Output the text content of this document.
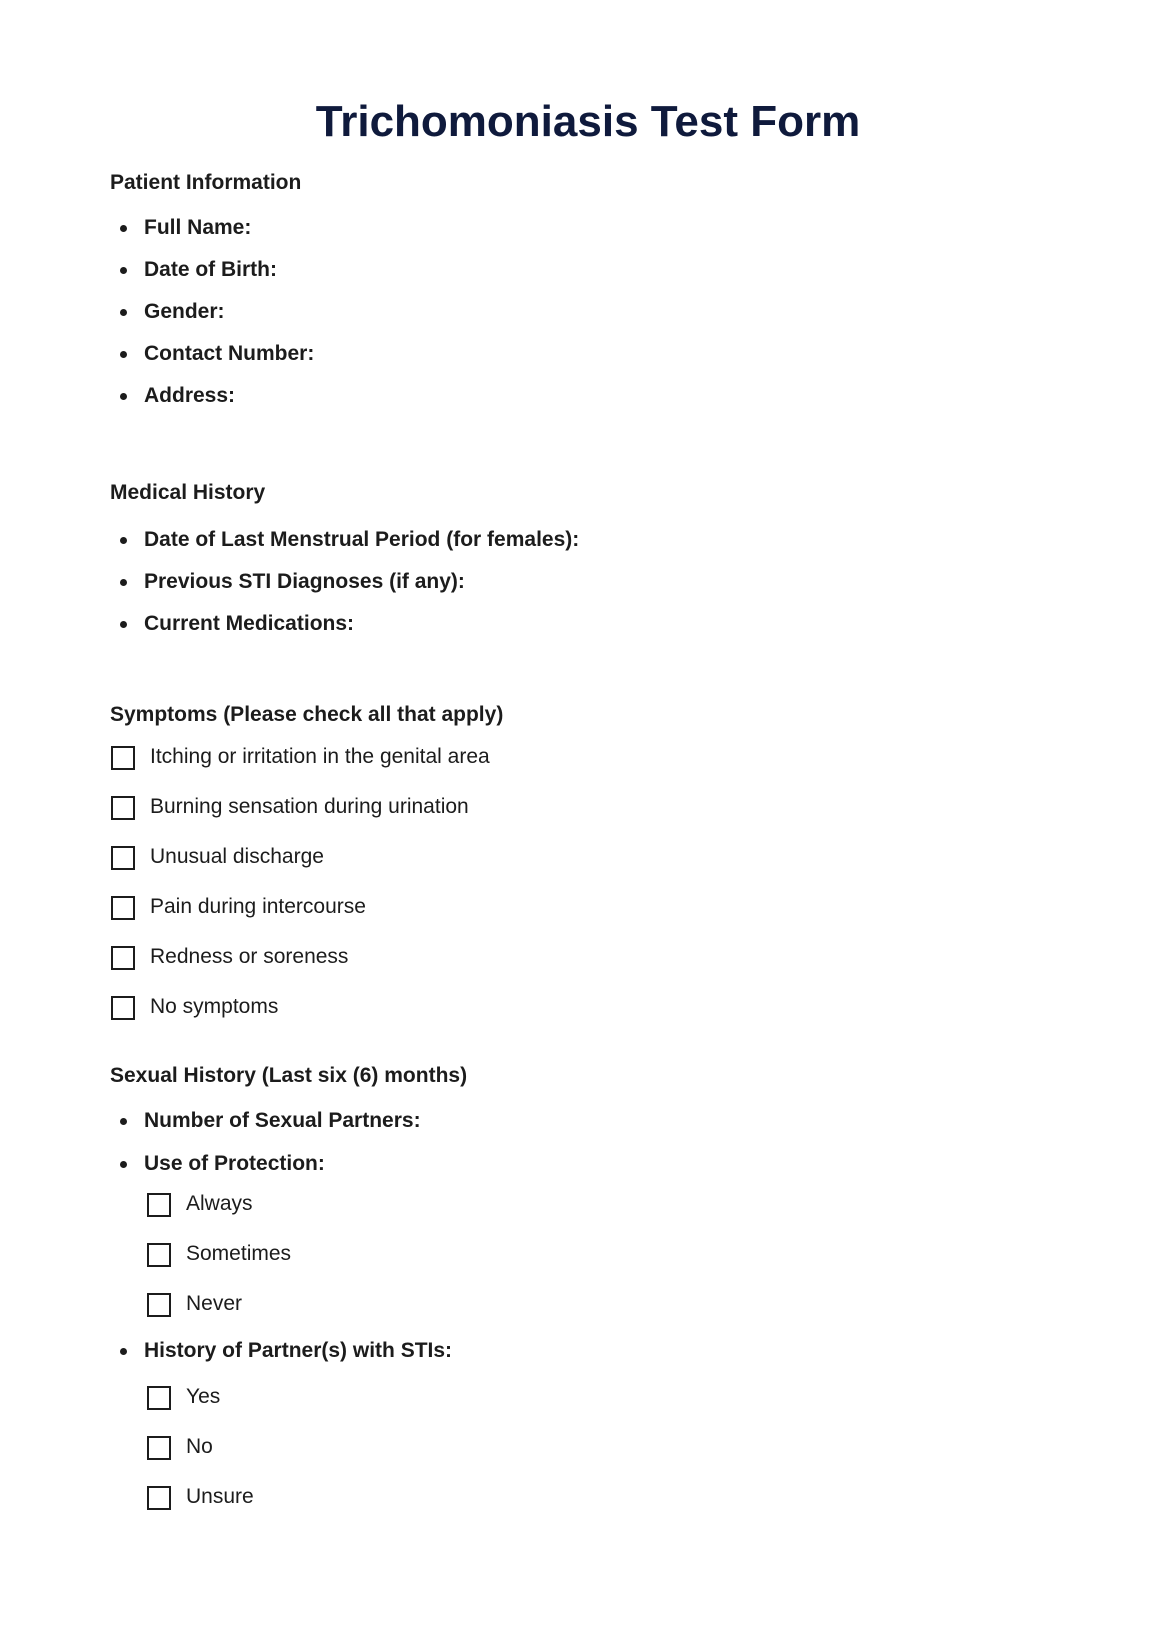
Trichomoniasis Test Form
Patient Information
Full Name:
Date of Birth:
Gender:
Contact Number:
Address:
Medical History
Date of Last Menstrual Period (for females):
Previous STI Diagnoses (if any):
Current Medications:
Symptoms (Please check all that apply)
Itching or irritation in the genital area
Burning sensation during urination
Unusual discharge
Pain during intercourse
Redness or soreness
No symptoms
Sexual History (Last six (6) months)
Number of Sexual Partners:
Use of Protection:
Always
Sometimes
Never
History of Partner(s) with STIs:
Yes
No
Unsure
